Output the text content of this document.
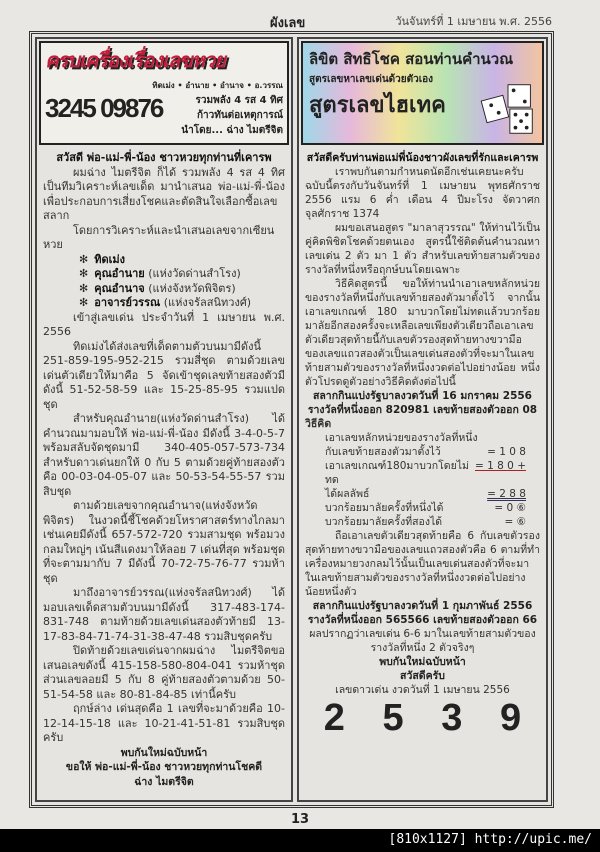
ผังเลข	วันจันทร์ที่ 1 เมษายน พ.ศ. 2556
ครบเครื่องเรื่องเลขหวย
3245 09876
ทิดเม่ง • อำนาย • อำนาจ • อ.วรรณ
รวมพลัง 4 รส 4 ทิศ
ก้าวทันต่อเหตุการณ์
นำโดย... ฉ่าง ไมตรีจิต
สวัสดี พ่อ-แม่-พี่-น้อง ชาวหวยทุกท่านที่เคารพ

ผมฉ่าง ไมตรีจิต ก็ได้ รวมพลัง 4 รส 4 ทิศ เป็นทีมวิเคราะห์เลขเด็ด มานำเสนอ พ่อ-แม่-พี่-น้อง เพื่อประกอบการเสี่ยงโชคและตัดสินใจเลือกซื้อเลขสลาก

โดยการวิเคราะห์และนำเสนอเลขจากเซียนหวย

✻ ทิดเม่ง
✻ คุณอำนาย (แห่งวัดด่านสำโรง)
✻ คุณอำนาจ (แห่งจังหวัดพิจิตร)
✻ อาจารย์วรรณ (แห่งจรัลสนิทวงศ์)

เข้าสู่เลขเด่น ประจำวันที่ 1 เมษายน พ.ศ. 2556

ทิดเม่งได้ส่งเลขที่เด็ดตามตัวบนมามีดังนี้ 251-859-195-952-215 รวมสี่ชุด ตามด้วยเลขเด่นตัวเดียวให้มาคือ 5 จัดเข้าชุดเลขท้ายสองตัวมีดังนี้ 51-52-58-59 และ 15-25-85-95 รวมแปดชุด

สำหรับคุณอำนาย(แห่งวัดด่านสำโรง) ได้คำนวณมามอบให้ พ่อ-แม่-พี่-น้อง มีดังนี้ 3-4-0-5-7 พร้อมสลับจัดชุดมามี 340-405-057-573-734 สำหรับดาวเด่นยกให้ 0 กับ 5 ตามด้วยคู่ท้ายสองตัวคือ 00-03-04-05-07 และ 50-53-54-55-57 รวมสิบชุด

ตามด้วยเลขจากคุณอำนาจ(แห่งจังหวัดพิจิตร) ในงวดนี้ชี้โชคด้วยโหราศาสตร์ทางไกลมาเช่นเคยมีดังนี้ 657-572-720 รวมสามชุด พร้อมวงกลมใหญ่ๆ เน้นสีแดงมาให้ลอย 7 เด่นที่สุด พร้อมชุดที่จะตามมากับ 7 มีดังนี้ 70-72-75-76-77 รวมห้าชุด

มาถึงอาจารย์วรรณ(แห่งจรัลสนิทวงศ์) ได้มอบเลขเด็ดสามตัวบนมามีดังนี้ 317-483-174-831-748 ตามท้ายด้วยเลขเด่นสองตัวท้ายมี 13-17-83-84-71-74-31-38-47-48 รวมสิบชุดครับ

ปิดท้ายด้วยเลขเด่นจากผมฉ่าง ไมตรีจิตขอเสนอเลขดังนี้ 415-158-580-804-041 รวมห้าชุด ส่วนเลขลอยมี 5 กับ 8 คู่ท้ายสองตัวตามด้วย 50-51-54-58 และ 80-81-84-85 เท่านี้ครับ

ฤกษ์ล่าง เด่นสุดคือ 1 เลขที่จะมาด้วยคือ 10-12-14-15-18 และ 10-21-41-51-81 รวมสิบชุดครับ

พบกันใหม่ฉบับหน้า
ขอให้ พ่อ-แม่-พี่-น้อง ชาวหวยทุกท่านโชคดี
ฉ่าง ไมตรีจิต
ลิขิต สิทธิโชค สอนท่านคำนวณ
สูตรเลขหาเลขเด่นด้วยตัวเอง
สูตรเลขไฮเทค
สวัสดีครับท่านพ่อแม่พี่น้องชาวผังเลขที่รักและเคารพ

เราพบกันตามกำหนดนัดอีกเช่นเคยนะครับ ฉบับนี้ตรงกับวันจันทร์ที่ 1 เมษายน พุทธศักราช 2556 แรม 6 ค่ำ เดือน 4 ปีมะโรง จัตวาศก จุลศักราช 1374

ผมขอเสนอสูตร "มาลาสุวรรณ" ให้ท่านไว้เป็นคู่คิดพิชิตโชคด้วยตนเอง สูตรนี้ใช้ติดต้นคำนวณหาเลขเด่น 2 ตัว มา 1 ตัว สำหรับเลขท้ายสามตัวของรางวัลที่หนึ่งหรือฤกษ์บนโดยเฉพาะ

วิธีคิดสูตรนี้ ขอให้ท่านนำเอาเลขหลักหน่วยของรางวัลที่หนึ่งกับเลขท้ายสองตัวมาตั้งไว้ จากนั้นเอาเลขเกณฑ์ 180 มาบวกโดยไม่ทดแล้วบวกร้อยมาลัยอีกสองครั้งจะเหลือเลขเพียงตัวเดียวถือเอาเลขตัวเดียวสุดท้ายนี้กับเลขตัวรองสุดท้ายทางขวามือของเลขแถวสองตัวเป็นเลขเด่นสองตัวที่จะมาในเลขท้ายสามตัวของรางวัลที่หนึ่งงวดต่อไปอย่างน้อย หนึ่งตัวโปรดดูตัวอย่างวิธีคิดดังต่อไปนี้

สลากกินแบ่งรัฐบาลงวดวันที่ 16 มกราคม 2556
รางวัลที่หนึ่งออก 820981 เลขท้ายสองตัวออก 08
วิธีคิด
เอาเลขหลักหน่วยของรางวัลที่หนึ่ง
กับเลขท้ายสองตัวมาตั้งไว้	= 1 0 8
เอาเลขเกณฑ์180มาบวกโดยไม่ทด
= 1 8 0 +
ได้ผลลัพธ์	= 2 8 8
บวกร้อยมาลัยครั้งที่หนึ่งได้	= 0 ⑥
บวกร้อยมาลัยครั้งที่สองได้	= ⑥

ถือเอาเลขตัวเดียวสุดท้ายคือ 6 กับเลขตัวรองสุดท้ายทางขวามือของเลขแถวสองตัวคือ 6 ตามที่ทำเครื่องหมายวงกลมไว้นั้นเป็นเลขเด่นสองตัวที่จะมาในเลขท้ายสามตัวของรางวัลที่หนึ่งงวดต่อไปอย่างน้อยหนึ่งตัว

สลากกินแบ่งรัฐบาลงวดวันที่ 1 กุมภาพันธ์ 2556
รางวัลที่หนึ่งออก 565566 เลขท้ายสองตัวออก 66
ผลปรากฏว่าเลขเด่น 6-6 มาในเลขท้ายสามตัวของ
รางวัลที่หนึ่ง 2 ตัวจริงๆ
พบกันใหม่ฉบับหน้า
สวัสดีครับ
เลขดาวเด่น งวดวันที่ 1 เมษายน 2556
2 5 3 9
13
[810x1127] http://upic.me/
